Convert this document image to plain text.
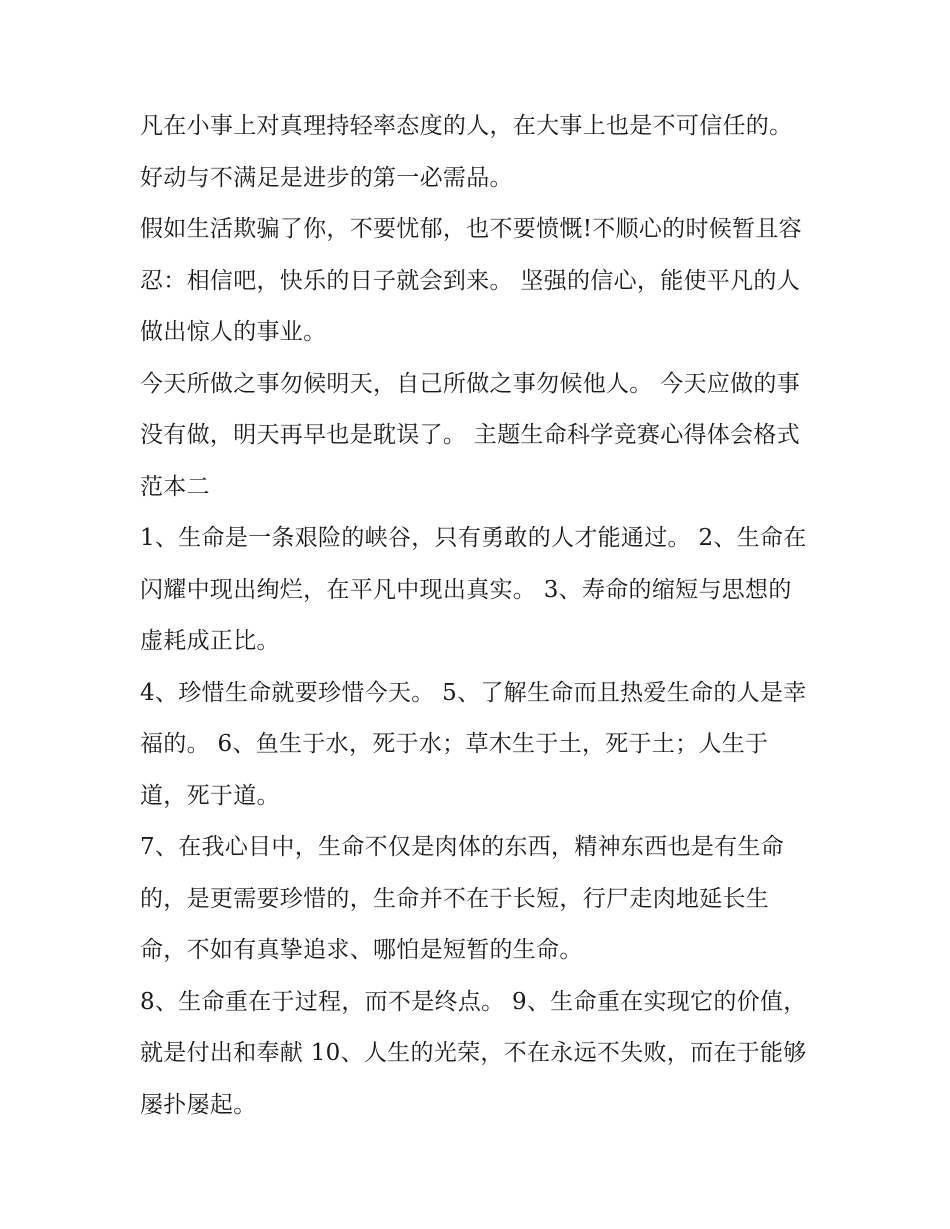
凡在小事上对真理持轻率态度的人，在大事上也是不可信任的。 好动与不满足是进步的第一必需品。

假如生活欺骗了你，不要忧郁，也不要愤慨!不顺心的时候暂且容忍：相信吧，快乐的日子就会到来。 坚强的信心，能使平凡的人做出惊人的事业。

今天所做之事勿候明天，自己所做之事勿候他人。 今天应做的事没有做，明天再早也是耽误了。 主题生命科学竞赛心得体会格式范本二

1、生命是一条艰险的峡谷，只有勇敢的人才能通过。 2、生命在闪耀中现出绚烂，在平凡中现出真实。 3、寿命的缩短与思想的虚耗成正比。

4、珍惜生命就要珍惜今天。 5、了解生命而且热爱生命的人是幸福的。 6、鱼生于水，死于水；草木生于土，死于土；人生于道，死于道。

7、在我心目中，生命不仅是肉体的东西，精神东西也是有生命的，是更需要珍惜的，生命并不在于长短，行尸走肉地延长生命，不如有真挚追求、哪怕是短暂的生命。

8、生命重在于过程，而不是终点。 9、生命重在实现它的价值，就是付出和奉献 10、人生的光荣，不在永远不失败，而在于能够屡扑屡起。
